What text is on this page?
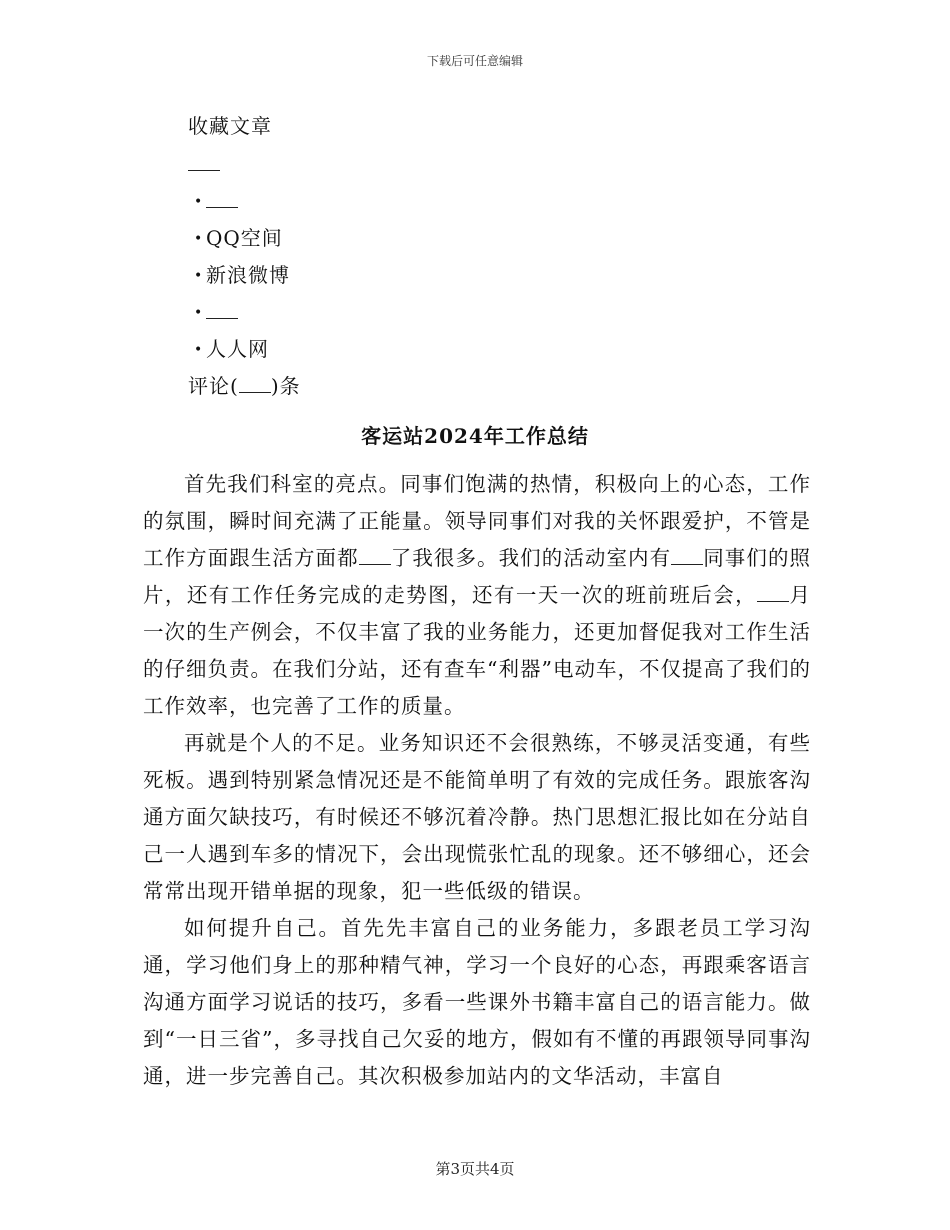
下载后可任意编辑
收藏文章
•
• QQ空间
• 新浪微博
•
• 人人网
评论( )条
客运站2024年工作总结

首先我们科室的亮点。同事们饱满的热情，积极向上的心态，工作的氛围，瞬时间充满了正能量。领导同事们对我的关怀跟爱护，不管是工作方面跟生活方面都 了我很多。我们的活动室内有 同事们的照片，还有工作任务完成的走势图，还有一天一次的班前班后会， 月一次的生产例会，不仅丰富了我的业务能力，还更加督促我对工作生活的仔细负责。在我们分站，还有查车“利器”电动车，不仅提高了我们的工作效率，也完善了工作的质量。

再就是个人的不足。业务知识还不会很熟练，不够灵活变通，有些死板。遇到特别紧急情况还是不能简单明了有效的完成任务。跟旅客沟通方面欠缺技巧，有时候还不够沉着冷静。热门思想汇报比如在分站自己一人遇到车多的情况下，会出现慌张忙乱的现象。还不够细心，还会常常出现开错单据的现象，犯一些低级的错误。

如何提升自己。首先先丰富自己的业务能力，多跟老员工学习沟通，学习他们身上的那种精气神，学习一个良好的心态，再跟乘客语言沟通方面学习说话的技巧，多看一些课外书籍丰富自己的语言能力。做到“一日三省”，多寻找自己欠妥的地方，假如有不懂的再跟领导同事沟通，进一步完善自己。其次积极参加站内的文华活动，丰富自

第3页共4页
